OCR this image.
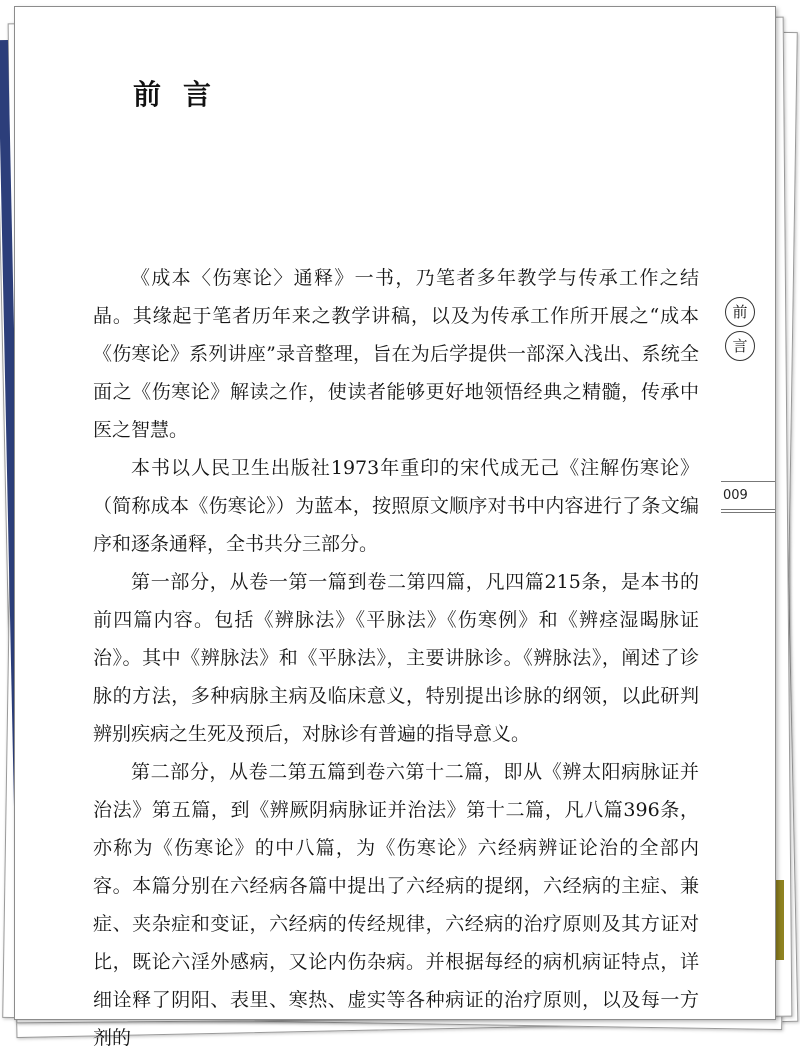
前言

《成本〈伤寒论〉通释》一书，乃笔者多年教学与传承工作之结晶。其缘起于笔者历年来之教学讲稿，以及为传承工作所开展之“成本《伤寒论》系列讲座”录音整理，旨在为后学提供一部深入浅出、系统全面之《伤寒论》解读之作，使读者能够更好地领悟经典之精髓，传承中医之智慧。

本书以人民卫生出版社1973年重印的宋代成无己《注解伤寒论》（简称成本《伤寒论》）为蓝本，按照原文顺序对书中内容进行了条文编序和逐条通释，全书共分三部分。

第一部分，从卷一第一篇到卷二第四篇，凡四篇215条，是本书的前四篇内容。包括《辨脉法》《平脉法》《伤寒例》和《辨痉湿暍脉证治》。其中《辨脉法》和《平脉法》，主要讲脉诊。《辨脉法》，阐述了诊脉的方法，多种病脉主病及临床意义，特别提出诊脉的纲领，以此研判辨别疾病之生死及预后，对脉诊有普遍的指导意义。

第二部分，从卷二第五篇到卷六第十二篇，即从《辨太阳病脉证并治法》第五篇，到《辨厥阴病脉证并治法》第十二篇，凡八篇396条，亦称为《伤寒论》的中八篇，为《伤寒论》六经病辨证论治的全部内容。本篇分别在六经病各篇中提出了六经病的提纲，六经病的主症、兼症、夹杂症和变证，六经病的传经规律，六经病的治疗原则及其方证对比，既论六淫外感病，又论内伤杂病。并根据每经的病机病证特点，详细诠释了阴阳、表里、寒热、虚实等各种病证的治疗原则，以及每一方剂的

前
言
009
